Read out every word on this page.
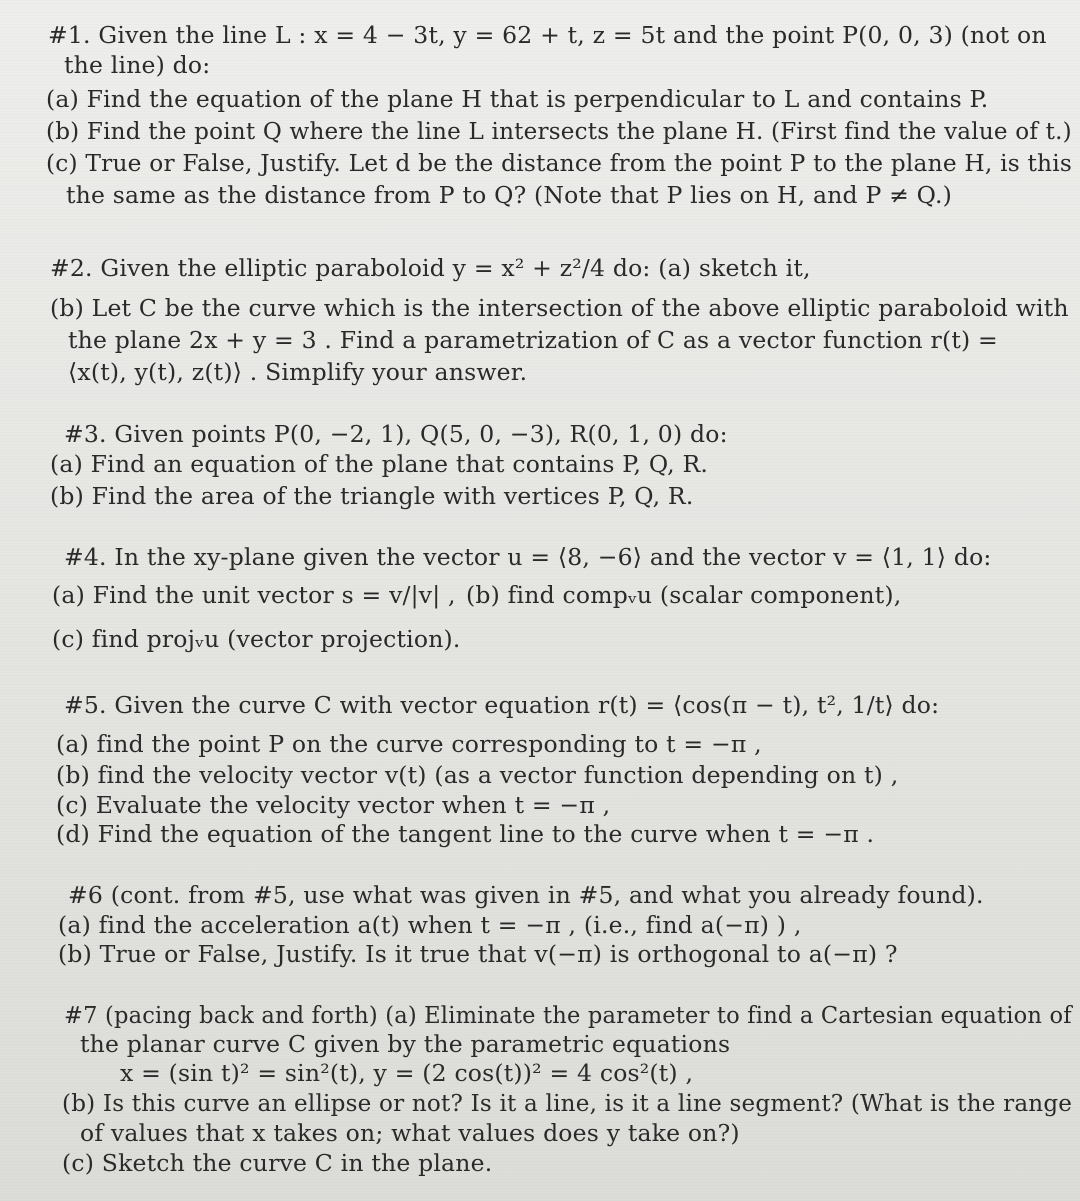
#1. Given the line L : x = 4 − 3t, y = 62 + t, z = 5t and the point P(0, 0, 3) (not on
the line) do:
(a) Find the equation of the plane H that is perpendicular to L and contains P.
(b) Find the point Q where the line L intersects the plane H. (First find the value of t.)
(c) True or False, Justify. Let d be the distance from the point P to the plane H, is this
the same as the distance from P to Q? (Note that P lies on H, and P ≠ Q.)
#2. Given the elliptic paraboloid y = x² + z²/4 do: (a) sketch it,
(b) Let C be the curve which is the intersection of the above elliptic paraboloid with
the plane 2x + y = 3 . Find a parametrization of C as a vector function r(t) =
⟨x(t), y(t), z(t)⟩ . Simplify your answer.
#3. Given points P(0, −2, 1), Q(5, 0, −3), R(0, 1, 0) do:
(a) Find an equation of the plane that contains P, Q, R.
(b) Find the area of the triangle with vertices P, Q, R.
#4. In the xy-plane given the vector u = ⟨8, −6⟩ and the vector v = ⟨1, 1⟩ do:
(a) Find the unit vector s = v/|v| , (b) find compᵥu (scalar component),
(c) find projᵥu (vector projection).
#5. Given the curve C with vector equation r(t) = ⟨cos(π − t), t², 1/t⟩ do:
(a) find the point P on the curve corresponding to t = −π ,
(b) find the velocity vector v(t) (as a vector function depending on t) ,
(c) Evaluate the velocity vector when t = −π ,
(d) Find the equation of the tangent line to the curve when t = −π .
#6 (cont. from #5, use what was given in #5, and what you already found).
(a) find the acceleration a(t) when t = −π , (i.e., find a(−π) ) ,
(b) True or False, Justify. Is it true that v(−π) is orthogonal to a(−π) ?
#7 (pacing back and forth) (a) Eliminate the parameter to find a Cartesian equation of
the planar curve C given by the parametric equations
x = (sin t)² = sin²(t), y = (2 cos(t))² = 4 cos²(t) ,
(b) Is this curve an ellipse or not? Is it a line, is it a line segment? (What is the range
of values that x takes on; what values does y take on?)
(c) Sketch the curve C in the plane.
